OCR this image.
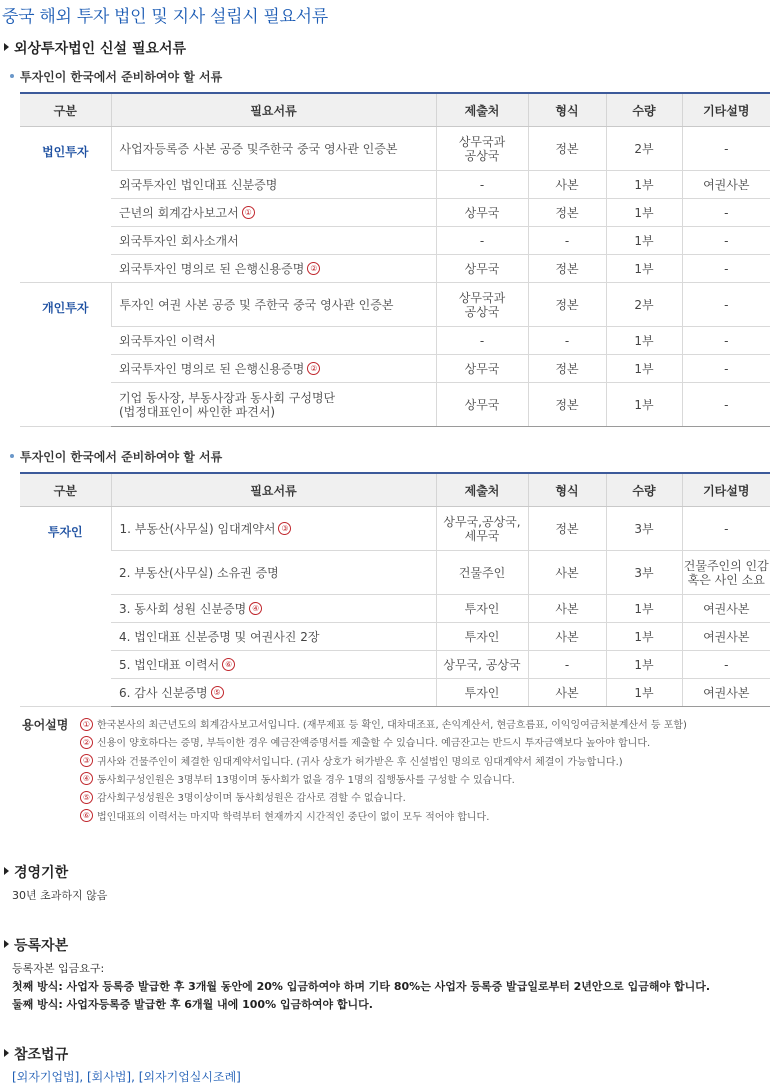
중국 해외 투자 법인 및 지사 설립시 필요서류
외상투자법인 신설 필요서류
투자인이 한국에서 준비하여야 할 서류
구분	필요서류	제출처	형식	수량	기타설명
법인투자	사업자등록증 사본 공증 및주한국 중국 영사관 인증본	상무국과
공상국	정본	2부	-
	외국투자인 법인대표 신분증명	-	사본	1부	여권사본
	근년의 회계감사보고서 ①	상무국	정본	1부	-
	외국투자인 회사소개서	-	-	1부	-
	외국투자인 명의로 된 은행신용증명 ②	상무국	정본	1부	-
개인투자	투자인 여권 사본 공증 및 주한국 중국 영사관 인증본	상무국과
공상국	정본	2부	-
	외국투자인 이력서	-	-	1부	-
	외국투자인 명의로 된 은행신용증명 ②	상무국	정본	1부	-
	기업 동사장, 부동사장과 동사회 구성명단
(법정대표인이 싸인한 파견서)	상무국	정본	1부	-
투자인이 한국에서 준비하여야 할 서류
구분	필요서류	제출처	형식	수량	기타설명
투자인	1. 부동산(사무실) 임대계약서 ③	상무국,공상국,
세무국	정본	3부	-
	2. 부동산(사무실) 소유권 증명	건물주인	사본	3부	건물주인의 인감
혹은 사인 소요
	3. 동사회 성원 신분증명 ④	투자인	사본	1부	여권사본
	4. 법인대표 신분증명 및 여권사진 2장	투자인	사본	1부	여권사본
	5. 법인대표 이력서 ⑥	상무국, 공상국	-	1부	-
	6. 감사 신분증명 ⑤	투자인	사본	1부	여권사본
용어설명	① 한국본사의 최근년도의 회계감사보고서입니다. (재무제표 등 확인, 대차대조표, 손익계산서, 현금흐름표, 이익잉여금처분계산서 등 포함)
② 신용이 양호하다는 증명, 부득이한 경우 예금잔액증명서를 제출할 수 있습니다. 예금잔고는 반드시 투자금액보다 높아야 합니다.
③ 귀사와 건물주인이 체결한 임대계약서입니다. (귀사 상호가 허가받은 후 신설법인 명의로 임대계약서 체결이 가능합니다.)
④ 동사회구성인원은 3명부터 13명이며 동사회가 없을 경우 1명의 집행동사를 구성할 수 있습니다.
⑤ 감사회구성성원은 3명이상이며 동사회성원은 감사로 겸할 수 없습니다.
⑥ 법인대표의 이력서는 마지막 학력부터 현재까지 시간적인 중단이 없이 모두 적어야 합니다.
경영기한
30년 초과하지 않음
등록자본
등록자본 입금요구:
첫째 방식: 사업자 등록증 발급한 후 3개월 동안에 20% 입금하여야 하며 기타 80%는 사업자 등록증 발급일로부터 2년안으로 입금해야 합니다.
둘째 방식: 사업자등록증 발급한 후 6개월 내에 100% 입금하여야 합니다.
참조법규
[외자기업법], [회사법], [외자기업실시조례]
